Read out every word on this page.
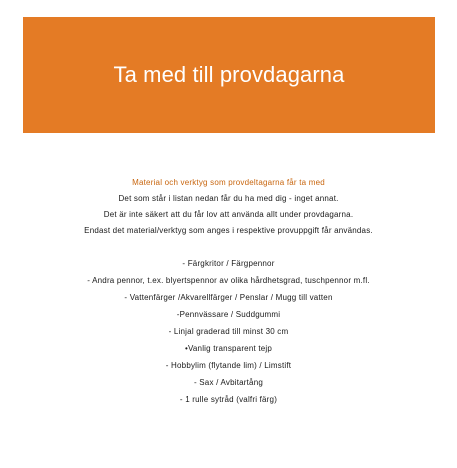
Ta med till provdagarna
Material och verktyg som provdeltagarna får ta med
Det som står i listan nedan får du ha med dig - inget annat.
Det är inte säkert att du får lov att använda allt under provdagarna.
Endast det material/verktyg som anges i respektive provuppgift får användas.
- Färgkritor / Färgpennor
- Andra pennor, t.ex. blyertspennor av olika hårdhetsgrad, tuschpennor m.fl.
- Vattenfärger /Akvarellfärger / Penslar / Mugg till vatten
-Pennvässare / Suddgummi
- Linjal graderad till minst 30 cm
•Vanlig transparent tejp
- Hobbylim (flytande lim) / Limstift
- Sax / Avbitartång
- 1 rulle sytråd (valfri färg)
